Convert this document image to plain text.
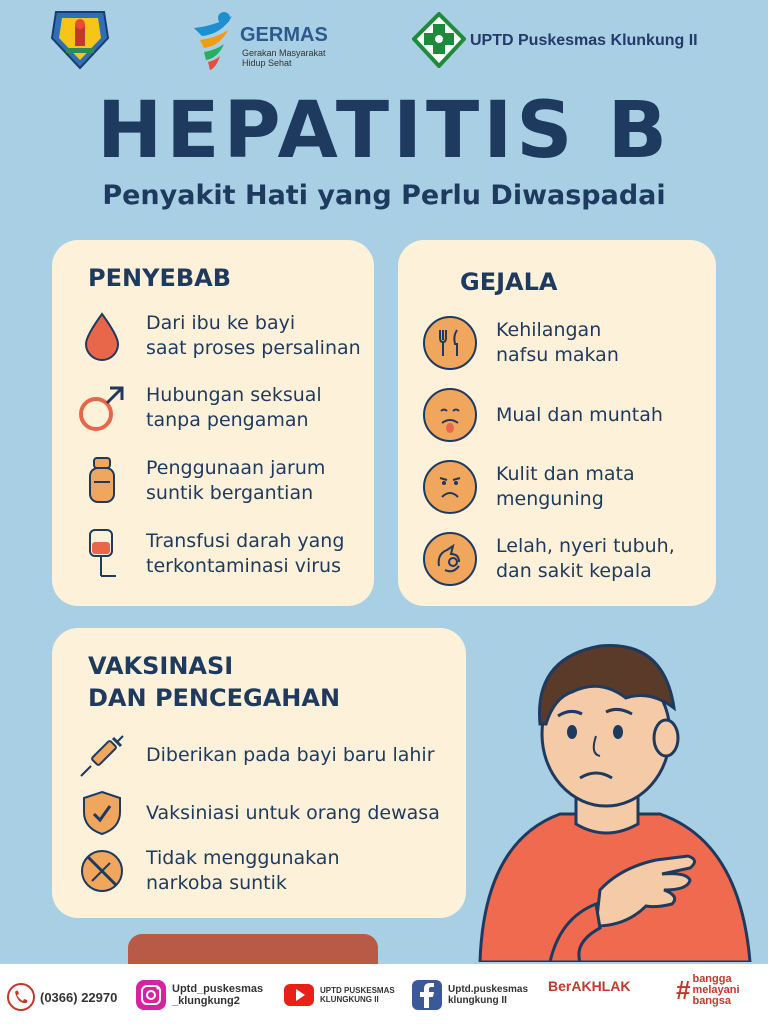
GERMAS
Gerakan Masyarakat
Hidup Sehat
UPTD Puskesmas Klunkung II
HEPATITIS B
Penyakit Hati yang Perlu Diwaspadai
PENYEBAB
Dari ibu ke bayi
saat proses persalinan
Hubungan seksual
tanpa pengaman
Penggunaan jarum
suntik bergantian
Transfusi darah yang
terkontaminasi virus
GEJALA
Kehilangan
nafsu makan
Mual dan muntah
Kulit dan mata
menguning
Lelah, nyeri tubuh,
dan sakit kepala
VAKSINASI
DAN PENCEGAHAN
Diberikan pada bayi baru lahir
Vaksiniasi untuk orang dewasa
Tidak menggunakan
narkoba suntik
(0366) 22970
Uptd_puskesmas
_klungkung2
UPTD PUSKESMAS
KLUNGKUNG II
Uptd.puskesmas
klungkung II
BerAKHLAK # bangga
melayani
bangsa
